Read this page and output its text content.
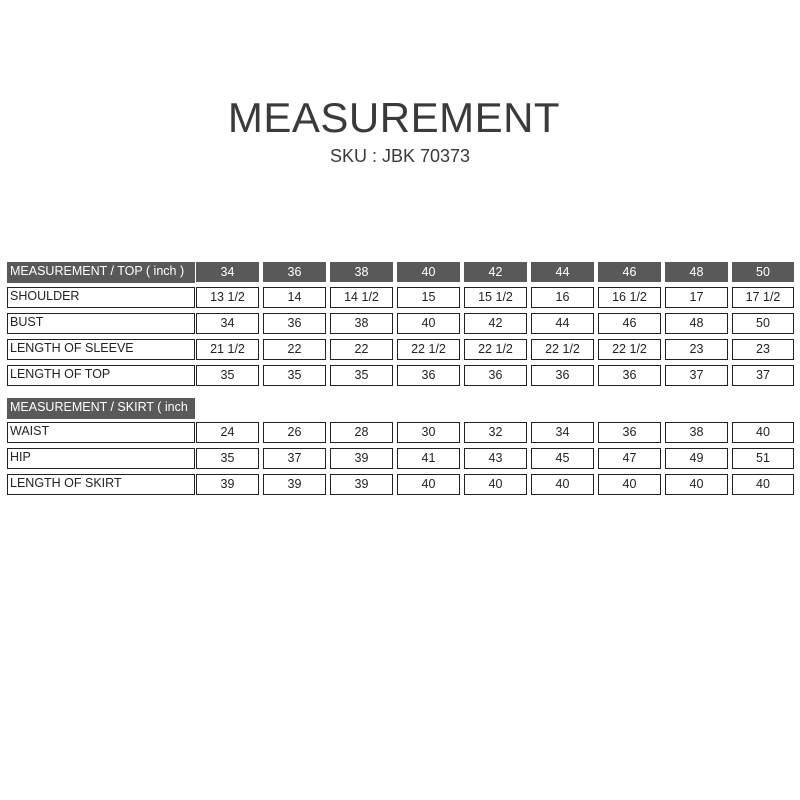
MEASUREMENT
SKU : JBK 70373
MEASUREMENT / TOP ( inch )	34	36	38	40	42	44	46	48	50
SHOULDER	13 1/2	14	14 1/2	15	15 1/2	16	16 1/2	17	17 1/2
BUST	34	36	38	40	42	44	46	48	50
LENGTH OF SLEEVE	21 1/2	22	22	22 1/2	22 1/2	22 1/2	22 1/2	23	23
LENGTH OF TOP	35	35	35	36	36	36	36	37	37
MEASUREMENT / SKIRT ( inch
WAIST	24	26	28	30	32	34	36	38	40
HIP	35	37	39	41	43	45	47	49	51
LENGTH OF SKIRT	39	39	39	40	40	40	40	40	40
